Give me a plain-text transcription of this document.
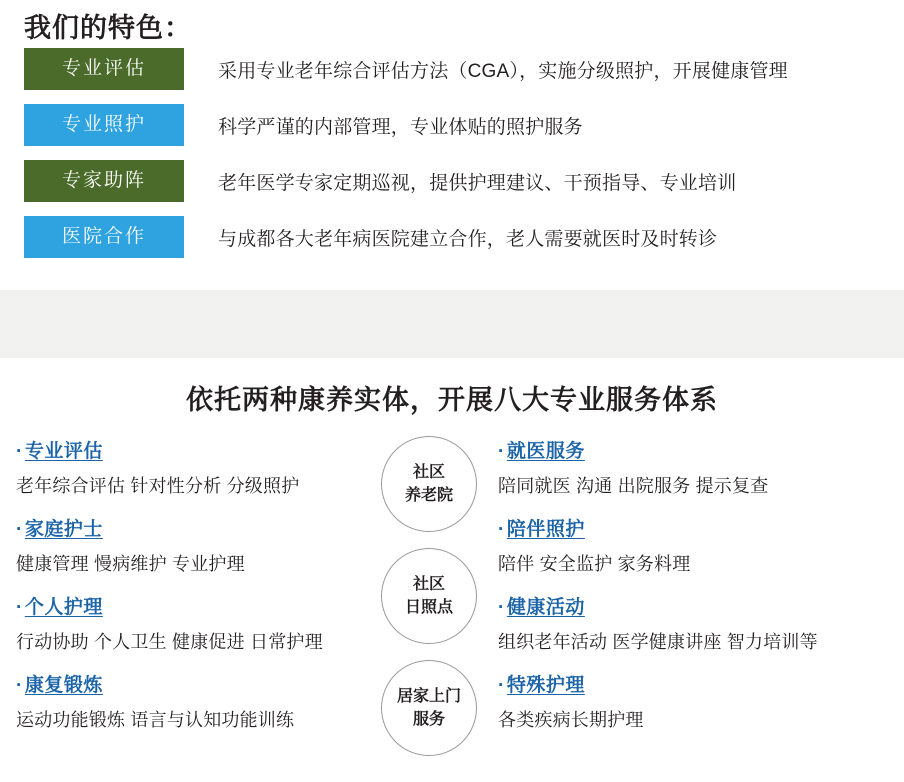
我们的特色：
专业评估	采用专业老年综合评估方法（CGA），实施分级照护，开展健康管理
专业照护	科学严谨的内部管理，专业体贴的照护服务
专家助阵	老年医学专家定期巡视，提供护理建议、干预指导、专业培训
医院合作	与成都各大老年病医院建立合作，老人需要就医时及时转诊
依托两种康养实体，开展八大专业服务体系
社区
养老院
社区
日照点
居家上门
服务
· 专业评估
老年综合评估 针对性分析 分级照护
· 家庭护士
健康管理 慢病维护 专业护理
· 个人护理
行动协助 个人卫生 健康促进 日常护理
· 康复锻炼
运动功能锻炼 语言与认知功能训练
· 就医服务
陪同就医 沟通 出院服务 提示复查
· 陪伴照护
陪伴 安全监护 家务料理
· 健康活动
组织老年活动 医学健康讲座 智力培训等
· 特殊护理
各类疾病长期护理
